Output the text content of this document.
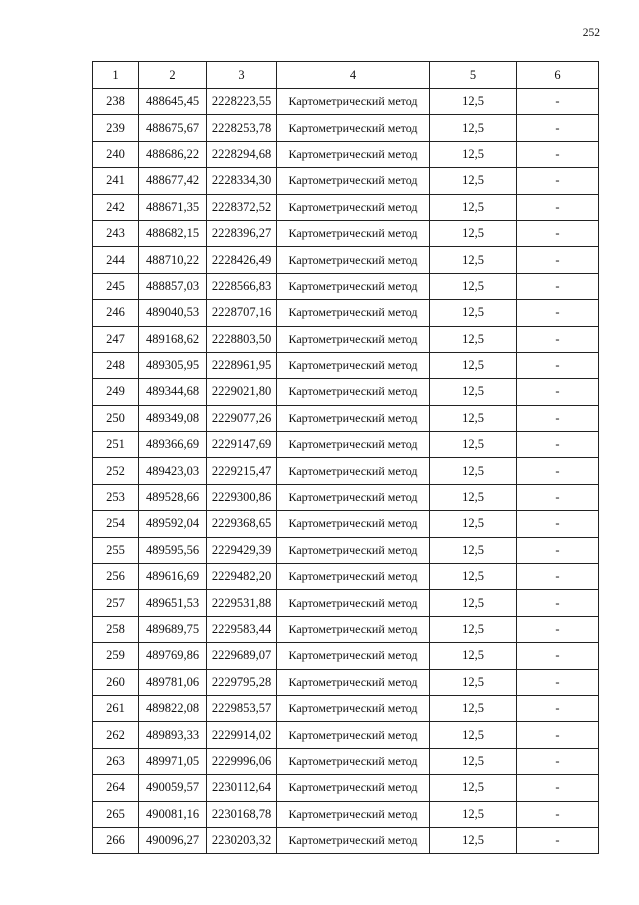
252
1	2	3	4	5	6
238	488645,45	2228223,55	Картометрический метод	12,5	-
239	488675,67	2228253,78	Картометрический метод	12,5	-
240	488686,22	2228294,68	Картометрический метод	12,5	-
241	488677,42	2228334,30	Картометрический метод	12,5	-
242	488671,35	2228372,52	Картометрический метод	12,5	-
243	488682,15	2228396,27	Картометрический метод	12,5	-
244	488710,22	2228426,49	Картометрический метод	12,5	-
245	488857,03	2228566,83	Картометрический метод	12,5	-
246	489040,53	2228707,16	Картометрический метод	12,5	-
247	489168,62	2228803,50	Картометрический метод	12,5	-
248	489305,95	2228961,95	Картометрический метод	12,5	-
249	489344,68	2229021,80	Картометрический метод	12,5	-
250	489349,08	2229077,26	Картометрический метод	12,5	-
251	489366,69	2229147,69	Картометрический метод	12,5	-
252	489423,03	2229215,47	Картометрический метод	12,5	-
253	489528,66	2229300,86	Картометрический метод	12,5	-
254	489592,04	2229368,65	Картометрический метод	12,5	-
255	489595,56	2229429,39	Картометрический метод	12,5	-
256	489616,69	2229482,20	Картометрический метод	12,5	-
257	489651,53	2229531,88	Картометрический метод	12,5	-
258	489689,75	2229583,44	Картометрический метод	12,5	-
259	489769,86	2229689,07	Картометрический метод	12,5	-
260	489781,06	2229795,28	Картометрический метод	12,5	-
261	489822,08	2229853,57	Картометрический метод	12,5	-
262	489893,33	2229914,02	Картометрический метод	12,5	-
263	489971,05	2229996,06	Картометрический метод	12,5	-
264	490059,57	2230112,64	Картометрический метод	12,5	-
265	490081,16	2230168,78	Картометрический метод	12,5	-
266	490096,27	2230203,32	Картометрический метод	12,5	-
